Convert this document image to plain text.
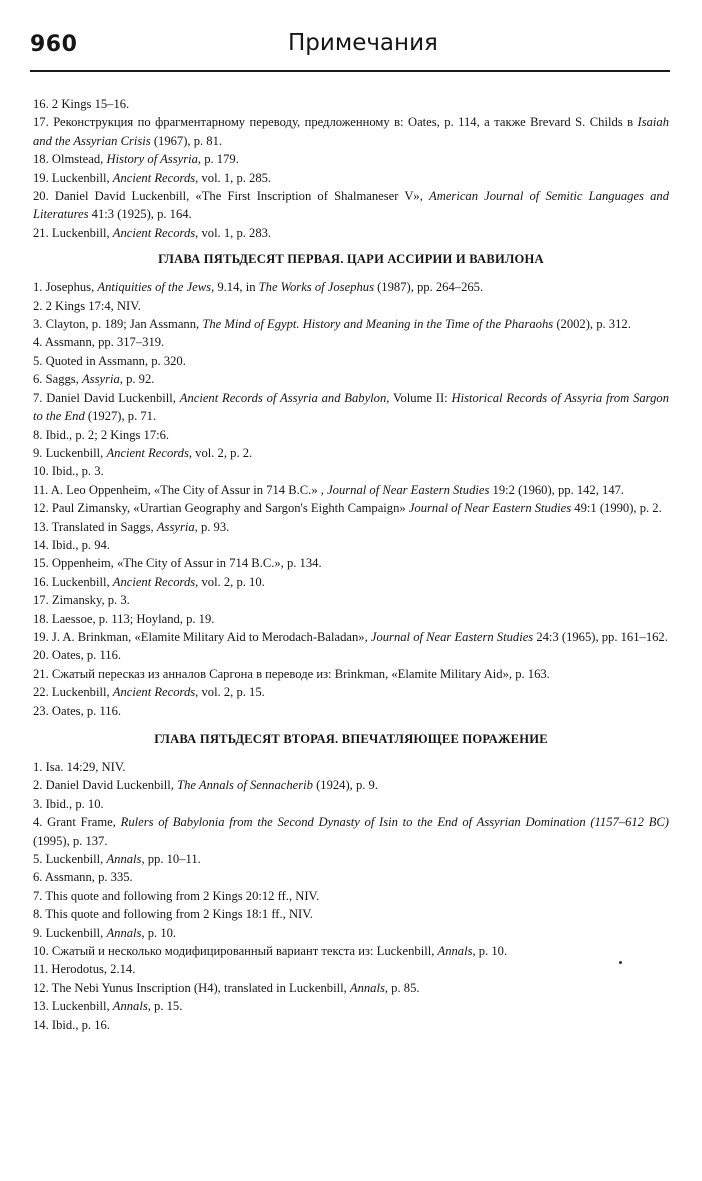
960	Примечания

16. 2 Kings 15–16.

17. Реконструкция по фрагментарному переводу, предложенному в: Oates, p. 114, а также Brevard S. Childs в Isaiah and the Assyrian Crisis (1967), p. 81.

18. Olmstead, History of Assyria, p. 179.

19. Luckenbill, Ancient Records, vol. 1, p. 285.

20. Daniel David Luckenbill, «The First Inscription of Shalmaneser V», American Journal of Semitic Languages and Literatures 41:3 (1925), p. 164.

21. Luckenbill, Ancient Records, vol. 1, p. 283.

ГЛАВА ПЯТЬДЕСЯТ ПЕРВАЯ. ЦАРИ АССИРИИ И ВАВИЛОНА

1. Josephus, Antiquities of the Jews, 9.14, in The Works of Josephus (1987), pp. 264–265.

2. 2 Kings 17:4, NIV.

3. Clayton, p. 189; Jan Assmann, The Mind of Egypt. History and Meaning in the Time of the Pharaohs (2002), p. 312.

4. Assmann, pp. 317–319.

5. Quoted in Assmann, p. 320.

6. Saggs, Assyria, p. 92.

7. Daniel David Luckenbill, Ancient Records of Assyria and Babylon, Volume II: Historical Records of Assyria from Sargon to the End (1927), p. 71.

8. Ibid., p. 2; 2 Kings 17:6.

9. Luckenbill, Ancient Records, vol. 2, p. 2.

10. Ibid., p. 3.

11. A. Leo Oppenheim, «The City of Assur in 714 B.C.» , Journal of Near Eastern Studies 19:2 (1960), pp. 142, 147.

12. Paul Zimansky, «Urartian Geography and Sargon's Eighth Campaign» Journal of Near Eastern Studies 49:1 (1990), p. 2.

13. Translated in Saggs, Assyria, p. 93.

14. Ibid., p. 94.

15. Oppenheim, «The City of Assur in 714 B.C.», p. 134.

16. Luckenbill, Ancient Records, vol. 2, p. 10.

17. Zimansky, p. 3.

18. Laessoe, p. 113; Hoyland, p. 19.

19. J. A. Brinkman, «Elamite Military Aid to Merodach-Baladan», Journal of Near Eastern Studies 24:3 (1965), pp. 161–162.

20. Oates, p. 116.

21. Сжатый пересказ из анналов Саргона в переводе из: Brinkman, «Elamite Military Aid», p. 163.

22. Luckenbill, Ancient Records, vol. 2, p. 15.

23. Oates, p. 116.

ГЛАВА ПЯТЬДЕСЯТ ВТОРАЯ. ВПЕЧАТЛЯЮЩЕЕ ПОРАЖЕНИЕ

1. Isa. 14:29, NIV.

2. Daniel David Luckenbill, The Annals of Sennacherib (1924), p. 9.

3. Ibid., p. 10.

4. Grant Frame, Rulers of Babylonia from the Second Dynasty of Isin to the End of Assyrian Domination (1157–612 BC) (1995), p. 137.

5. Luckenbill, Annals, pp. 10–11.

6. Assmann, p. 335.

7. This quote and following from 2 Kings 20:12 ff., NIV.

8. This quote and following from 2 Kings 18:1 ff., NIV.

9. Luckenbill, Annals, p. 10.

10. Сжатый и несколько модифицированный вариант текста из: Luckenbill, Annals, p. 10.

11. Herodotus, 2.14.

12. The Nebi Yunus Inscription (H4), translated in Luckenbill, Annals, p. 85.

13. Luckenbill, Annals, p. 15.

14. Ibid., p. 16.
